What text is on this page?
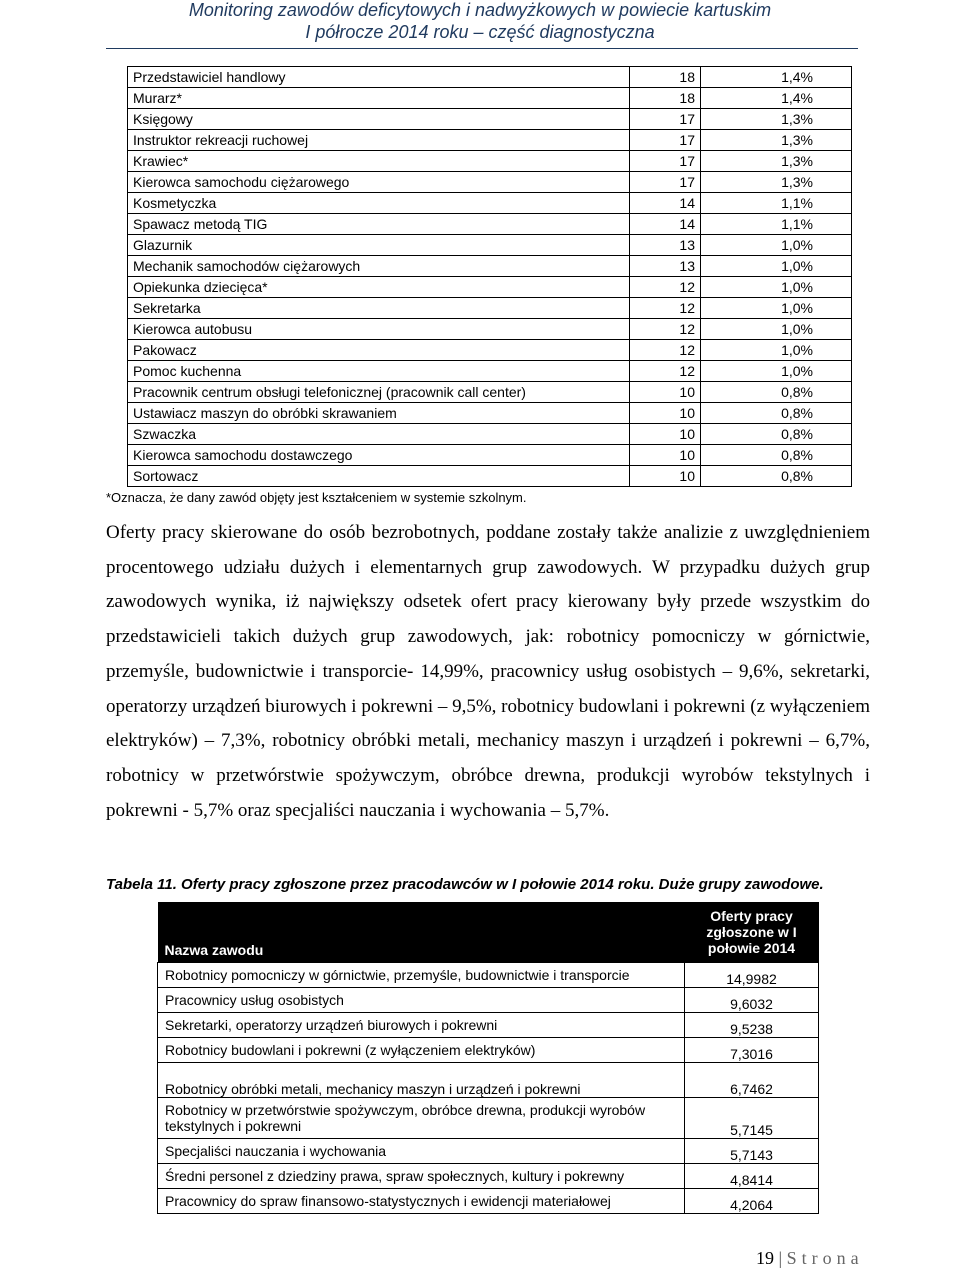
Monitoring zawodów deficytowych i nadwyżkowych w powiecie kartuskim
I półrocze 2014 roku – część diagnostyczna
Przedstawiciel handlowy	18	1,4%
Murarz*	18	1,4%
Księgowy	17	1,3%
Instruktor rekreacji ruchowej	17	1,3%
Krawiec*	17	1,3%
Kierowca samochodu ciężarowego	17	1,3%
Kosmetyczka	14	1,1%
Spawacz metodą TIG	14	1,1%
Glazurnik	13	1,0%
Mechanik samochodów ciężarowych	13	1,0%
Opiekunka dziecięca*	12	1,0%
Sekretarka	12	1,0%
Kierowca autobusu	12	1,0%
Pakowacz	12	1,0%
Pomoc kuchenna	12	1,0%
Pracownik centrum obsługi telefonicznej (pracownik call center)	10	0,8%
Ustawiacz maszyn do obróbki skrawaniem	10	0,8%
Szwaczka	10	0,8%
Kierowca samochodu dostawczego	10	0,8%
Sortowacz	10	0,8%
*Oznacza, że dany zawód objęty jest kształceniem w systemie szkolnym.
Oferty pracy skierowane do osób bezrobotnych, poddane zostały także analizie z uwzględnieniem procentowego udziału dużych i elementarnych grup zawodowych. W przypadku dużych grup zawodowych wynika, iż największy odsetek ofert pracy kierowany były przede wszystkim do przedstawicieli takich dużych grup zawodowych, jak: robotnicy pomocniczy w górnictwie, przemyśle, budownictwie i transporcie- 14,99%, pracownicy usług osobistych – 9,6%, sekretarki, operatorzy urządzeń biurowych i pokrewni – 9,5%, robotnicy budowlani i pokrewni (z wyłączeniem elektryków) – 7,3%, robotnicy obróbki metali, mechanicy maszyn i urządzeń i pokrewni – 6,7%, robotnicy w przetwórstwie spożywczym, obróbce drewna, produkcji wyrobów tekstylnych i pokrewni - 5,7% oraz specjaliści nauczania i wychowania – 5,7%.
Tabela 11. Oferty pracy zgłoszone przez pracodawców w I połowie 2014 roku. Duże grupy zawodowe.
Nazwa zawodu	Oferty pracy zgłoszone w I połowie 2014
Robotnicy pomocniczy w górnictwie, przemyśle, budownictwie i transporcie	14,9982
Pracownicy usług osobistych	9,6032
Sekretarki, operatorzy urządzeń biurowych i pokrewni	9,5238
Robotnicy budowlani i pokrewni (z wyłączeniem elektryków)	7,3016
Robotnicy obróbki metali, mechanicy maszyn i urządzeń i pokrewni	6,7462
Robotnicy w przetwórstwie spożywczym, obróbce drewna, produkcji wyrobów tekstylnych i pokrewni	5,7145
Specjaliści nauczania i wychowania	5,7143
Średni personel z dziedziny prawa, spraw społecznych, kultury i pokrewny	4,8414
Pracownicy do spraw finansowo-statystycznych i ewidencji materiałowej	4,2064
19 | Strona
